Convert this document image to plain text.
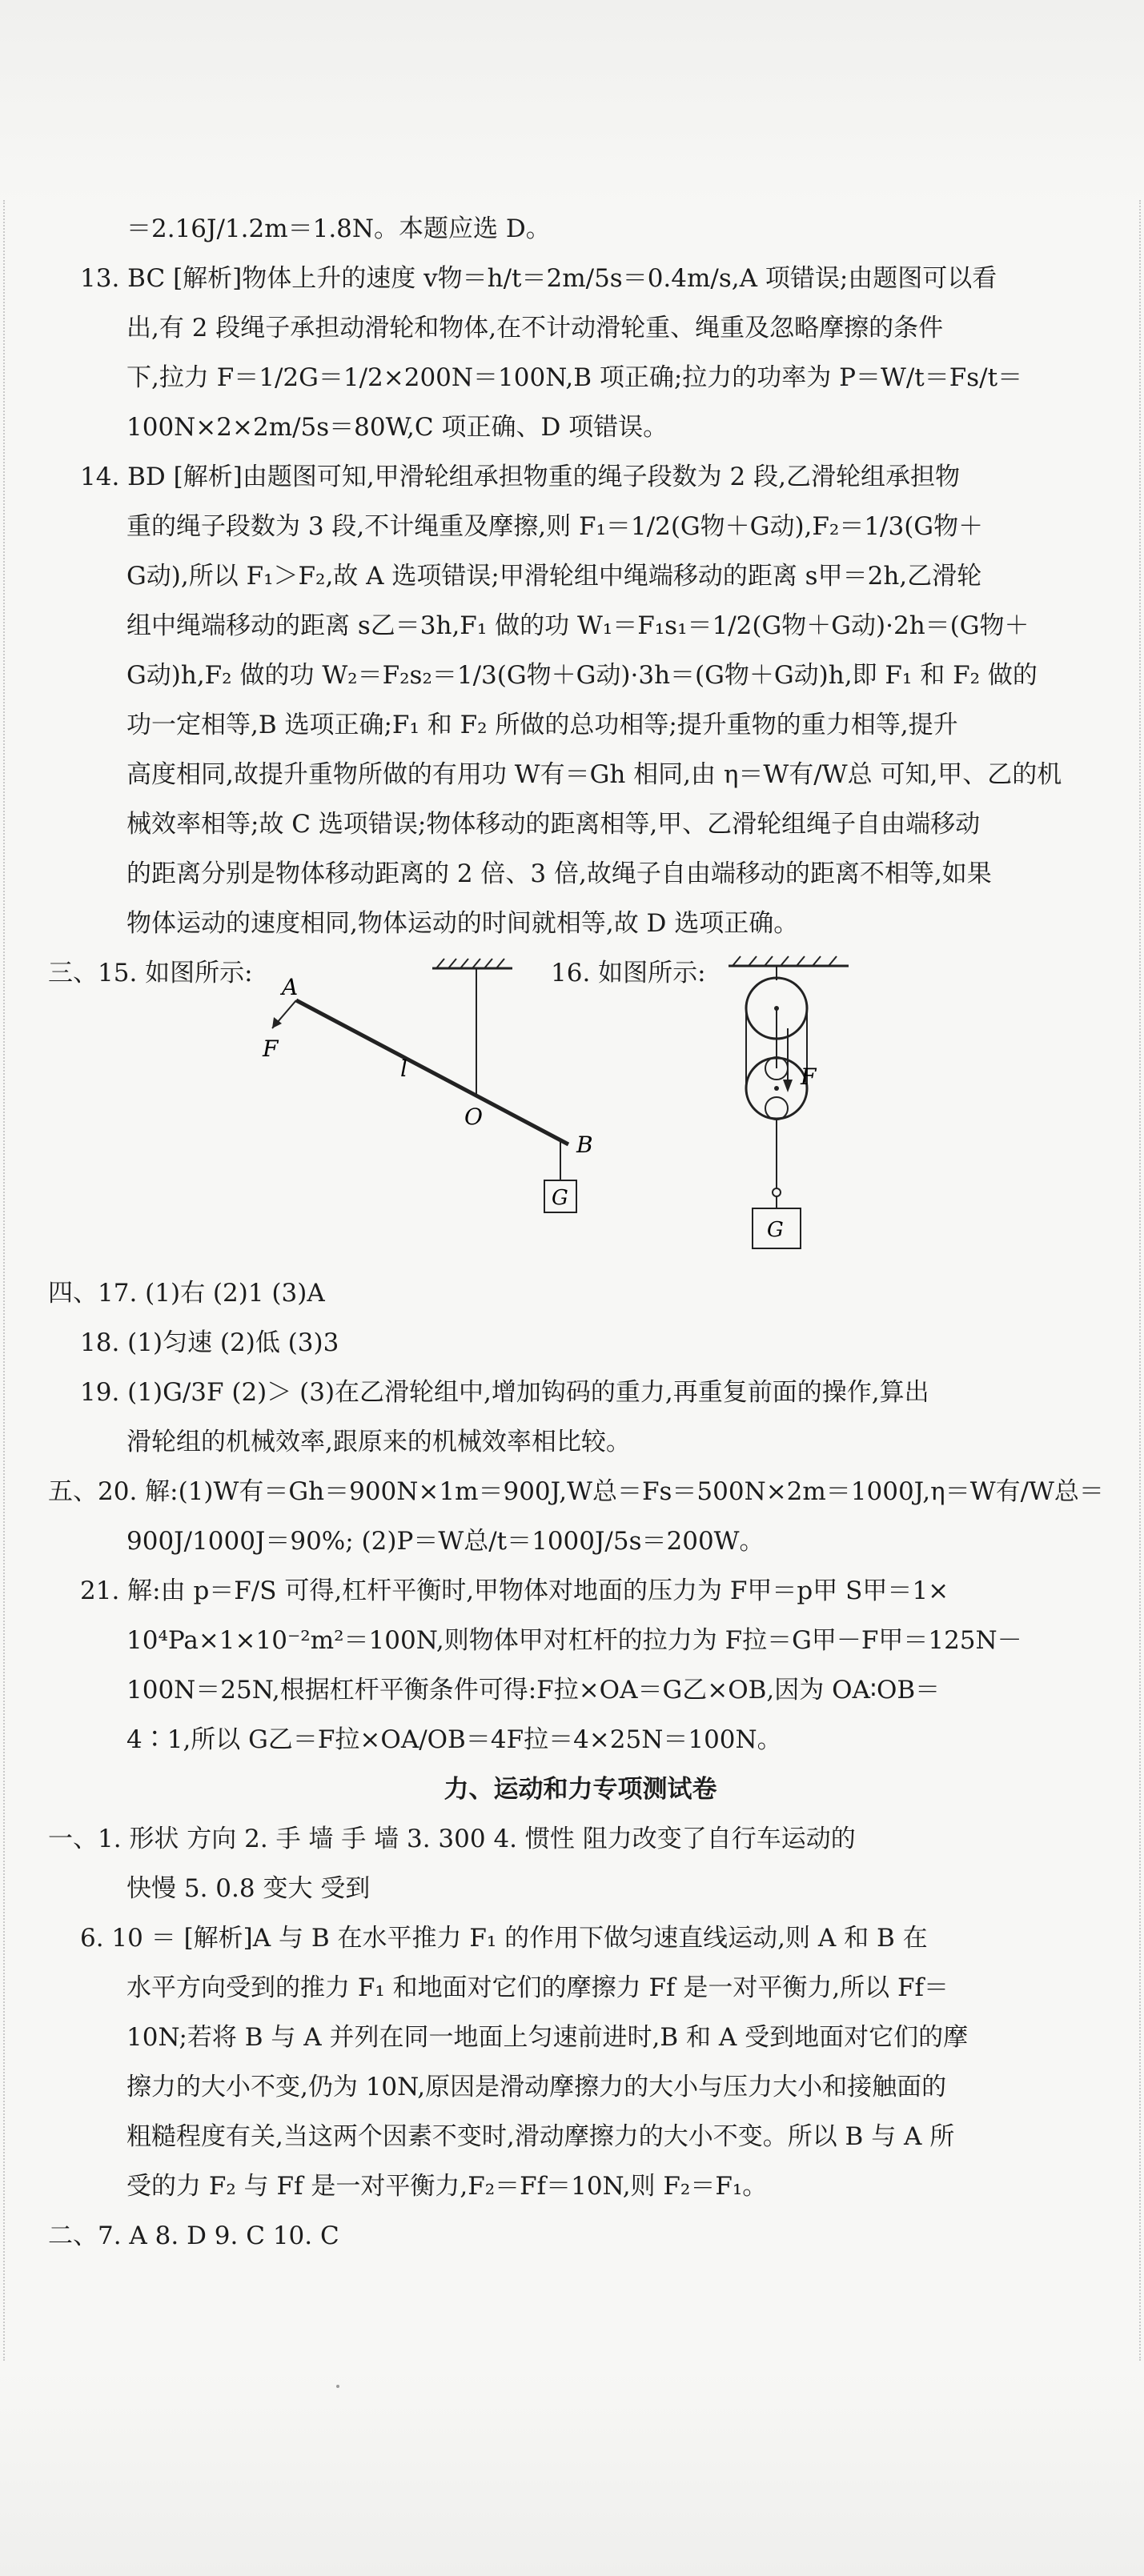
＝2.16J/1.2m＝1.8N。本题应选 D。
13. BC [解析]物体上升的速度 v物＝h/t＝2m/5s＝0.4m/s,A 项错误;由题图可以看
出,有 2 段绳子承担动滑轮和物体,在不计动滑轮重、绳重及忽略摩擦的条件
下,拉力 F＝1/2G＝1/2×200N＝100N,B 项正确;拉力的功率为 P＝W/t＝Fs/t＝
100N×2×2m/5s＝80W,C 项正确、D 项错误。
14. BD [解析]由题图可知,甲滑轮组承担物重的绳子段数为 2 段,乙滑轮组承担物
重的绳子段数为 3 段,不计绳重及摩擦,则 F₁＝1/2(G物＋G动),F₂＝1/3(G物＋
G动),所以 F₁＞F₂,故 A 选项错误;甲滑轮组中绳端移动的距离 s甲＝2h,乙滑轮
组中绳端移动的距离 s乙＝3h,F₁ 做的功 W₁＝F₁s₁＝1/2(G物＋G动)·2h＝(G物＋
G动)h,F₂ 做的功 W₂＝F₂s₂＝1/3(G物＋G动)·3h＝(G物＋G动)h,即 F₁ 和 F₂ 做的
功一定相等,B 选项正确;F₁ 和 F₂ 所做的总功相等;提升重物的重力相等,提升
高度相同,故提升重物所做的有用功 W有＝Gh 相同,由 η＝W有/W总 可知,甲、乙的机
械效率相等;故 C 选项错误;物体移动的距离相等,甲、乙滑轮组绳子自由端移动
的距离分别是物体移动距离的 2 倍、3 倍,故绳子自由端移动的距离不相等,如果
物体运动的速度相同,物体运动的时间就相等,故 D 选项正确。
三、15. 如图所示: A
F
l
O
B
G
16. 如图所示:
F
G
四、17. (1)右 (2)1 (3)A
18. (1)匀速 (2)低 (3)3
19. (1)G/3F (2)＞ (3)在乙滑轮组中,增加钩码的重力,再重复前面的操作,算出
滑轮组的机械效率,跟原来的机械效率相比较。
五、20. 解:(1)W有＝Gh＝900N×1m＝900J,W总＝Fs＝500N×2m＝1000J,η＝W有/W总＝
900J/1000J＝90%; (2)P＝W总/t＝1000J/5s＝200W。
21. 解:由 p＝F/S 可得,杠杆平衡时,甲物体对地面的压力为 F甲＝p甲 S甲＝1×
10⁴Pa×1×10⁻²m²＝100N,则物体甲对杠杆的拉力为 F拉＝G甲－F甲＝125N－
100N＝25N,根据杠杆平衡条件可得:F拉×OA＝G乙×OB,因为 OA∶OB＝
4∶1,所以 G乙＝F拉×OA/OB＝4F拉＝4×25N＝100N。
力、运动和力专项测试卷
一、1. 形状 方向 2. 手 墙 手 墙 3. 300 4. 惯性 阻力改变了自行车运动的
快慢 5. 0.8 变大 受到
6. 10 ＝ [解析]A 与 B 在水平推力 F₁ 的作用下做匀速直线运动,则 A 和 B 在
水平方向受到的推力 F₁ 和地面对它们的摩擦力 Ff 是一对平衡力,所以 Ff＝
10N;若将 B 与 A 并列在同一地面上匀速前进时,B 和 A 受到地面对它们的摩
擦力的大小不变,仍为 10N,原因是滑动摩擦力的大小与压力大小和接触面的
粗糙程度有关,当这两个因素不变时,滑动摩擦力的大小不变。所以 B 与 A 所
受的力 F₂ 与 Ff 是一对平衡力,F₂＝Ff＝10N,则 F₂＝F₁。
二、7. A 8. D 9. C 10. C
